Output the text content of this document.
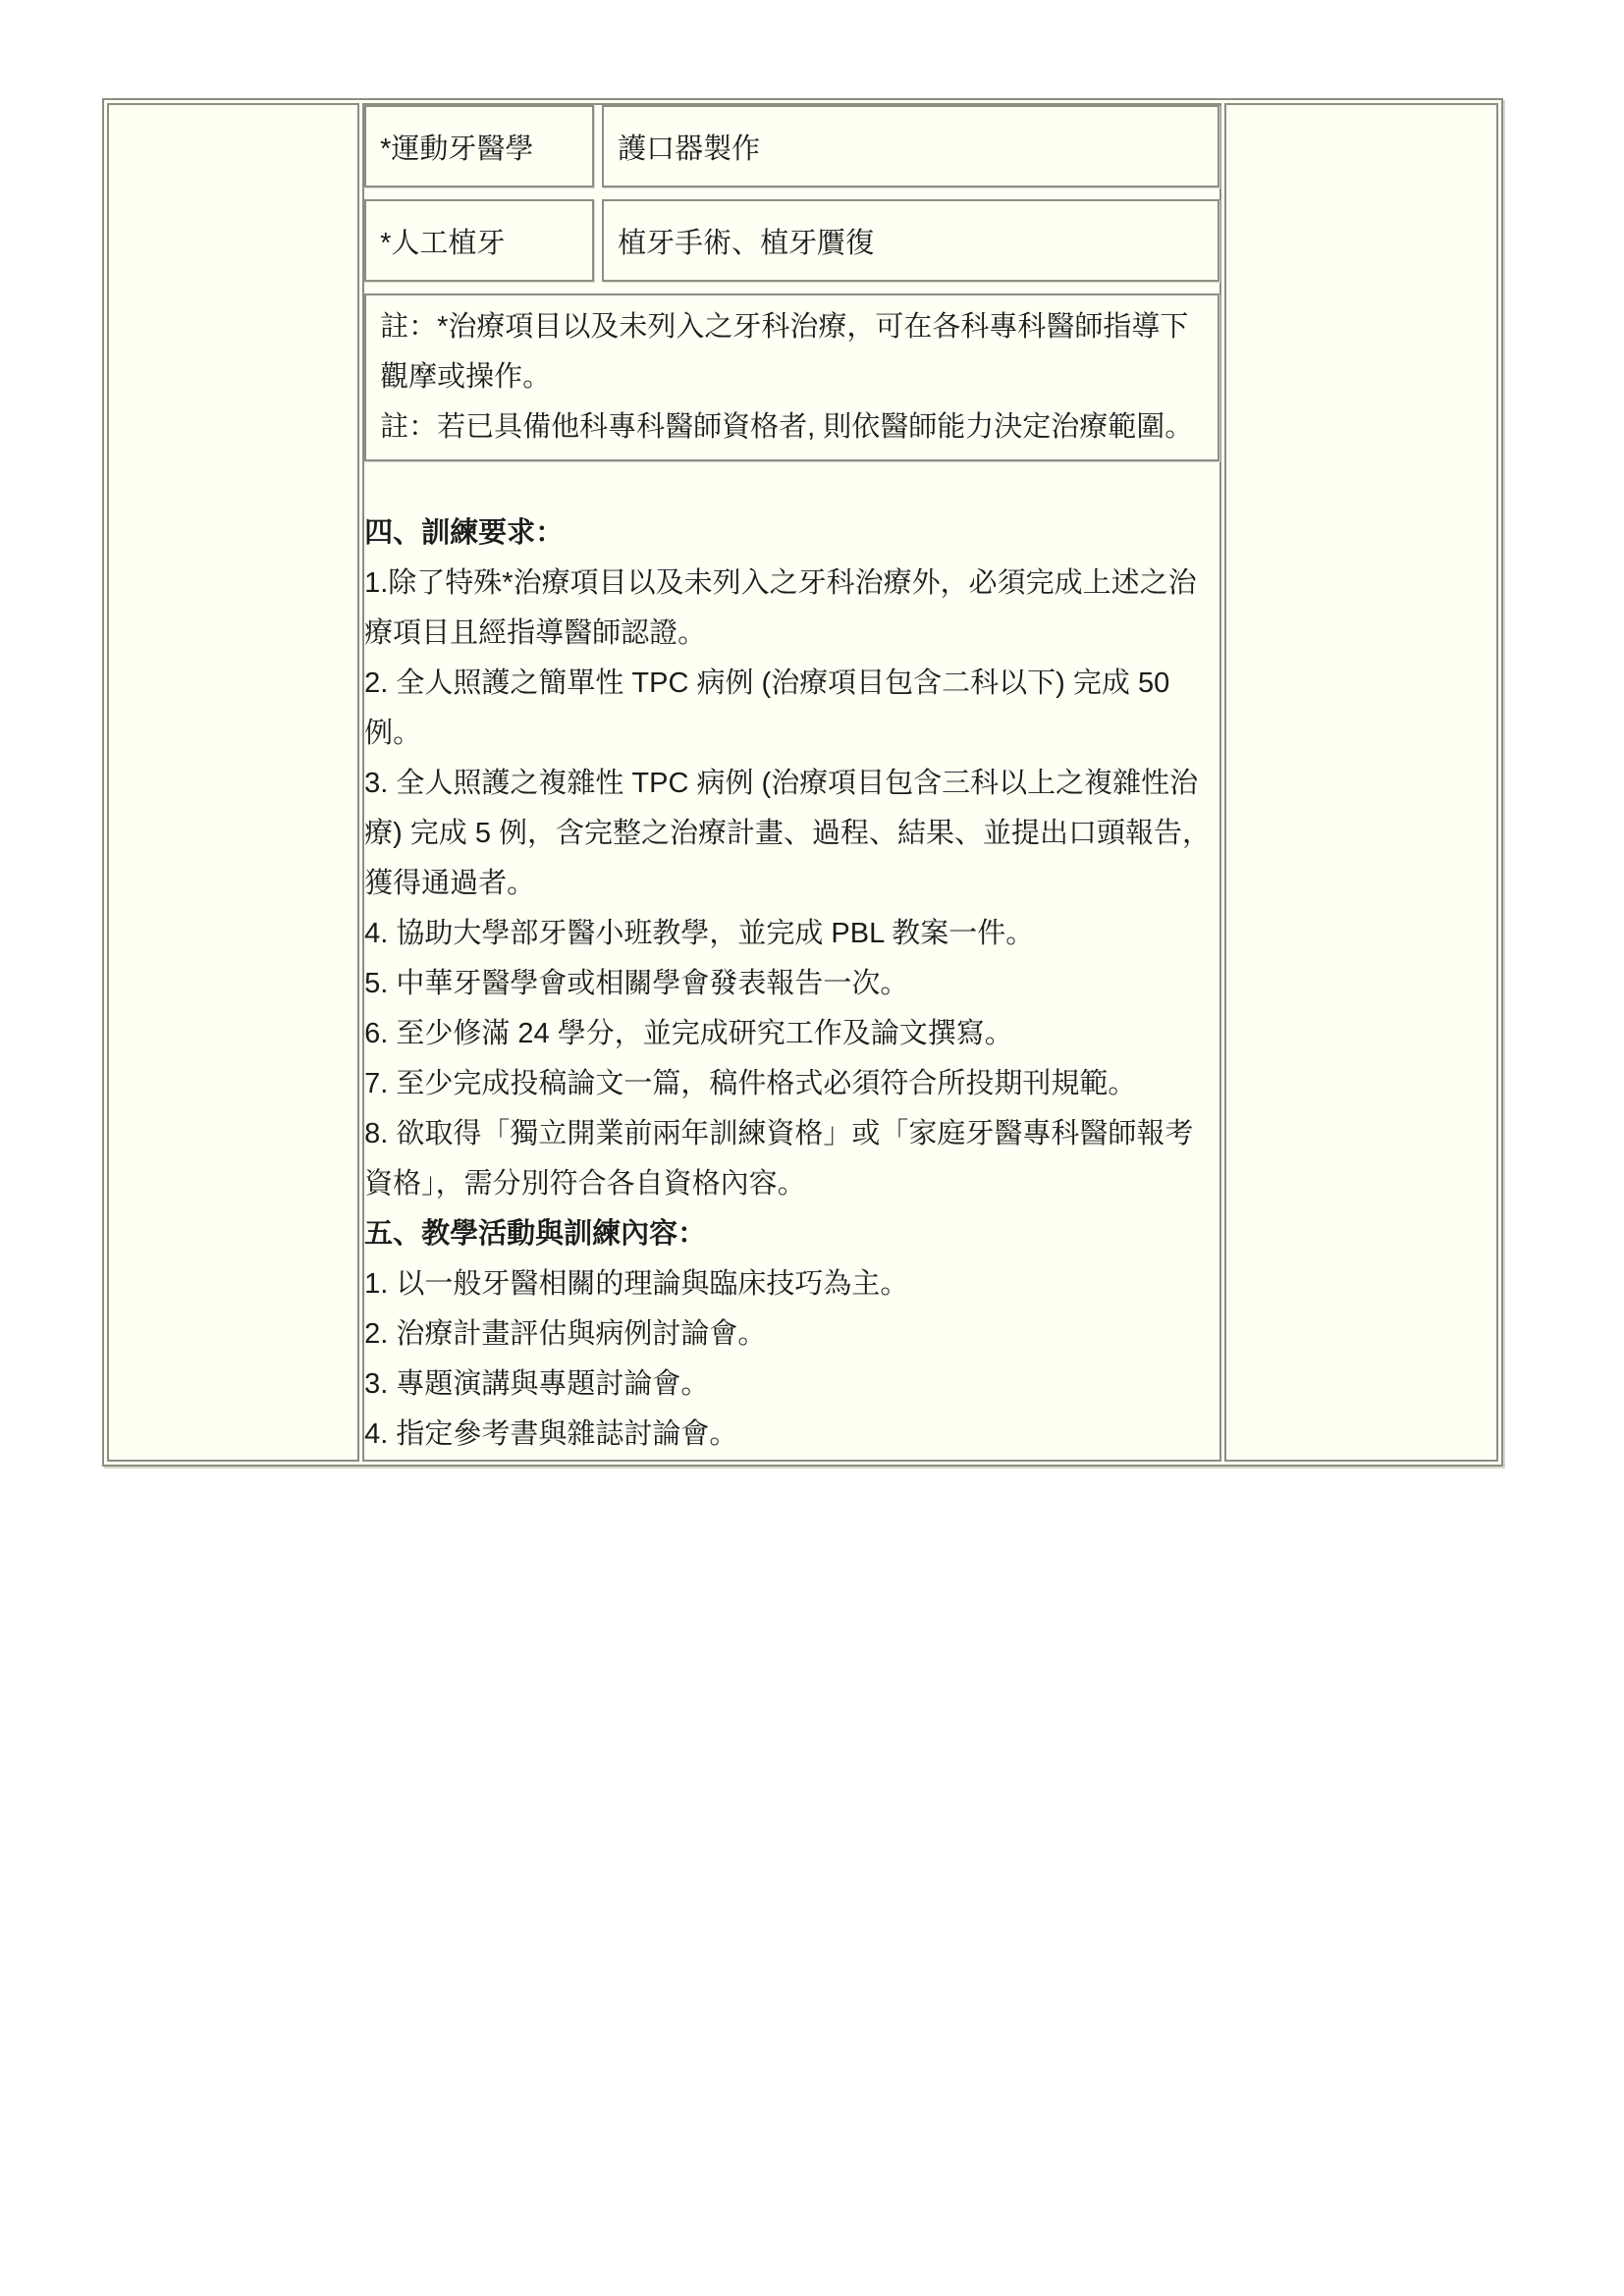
*運動牙醫學	護口器製作
*人工植牙	植牙手術、植牙贋復

註：*治療項目以及未列入之牙科治療，可在各科專科醫師指導下觀摩或操作。

註：若已具備他科專科醫師資格者, 則依醫師能力決定治療範圍。

四、訓練要求：

1.除了特殊*治療項目以及未列入之牙科治療外，必須完成上述之治療項目且經指導醫師認證。

2. 全人照護之簡單性 TPC 病例 (治療項目包含二科以下) 完成 50 例。

3. 全人照護之複雜性 TPC 病例 (治療項目包含三科以上之複雜性治療) 完成 5 例，含完整之治療計畫、過程、結果、並提出口頭報告，獲得通過者。

4. 協助大學部牙醫小班教學，並完成 PBL 教案一件。

5. 中華牙醫學會或相關學會發表報告一次。

6. 至少修滿 24 學分，並完成研究工作及論文撰寫。

7. 至少完成投稿論文一篇，稿件格式必須符合所投期刊規範。

8. 欲取得「獨立開業前兩年訓練資格」或「家庭牙醫專科醫師報考資格」，需分別符合各自資格內容。

五、教學活動與訓練內容：

1. 以一般牙醫相關的理論與臨床技巧為主。

2. 治療計畫評估與病例討論會。

3. 專題演講與專題討論會。

4. 指定參考書與雜誌討論會。
